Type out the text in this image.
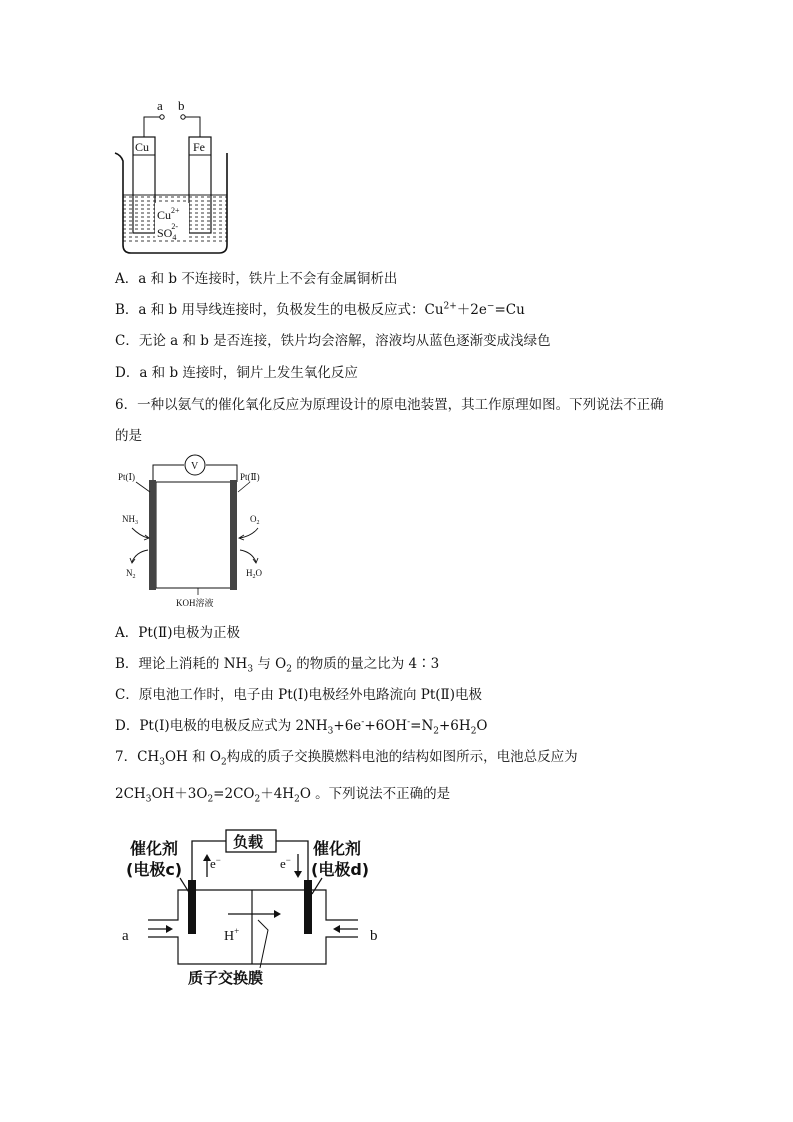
a b
Cu	Fe
$Cu^{2+}$
$SO_42-$
A．a 和 b 不连接时，铁片上不会有金属铜析出
B．a 和 b 用导线连接时，负极发生的电极反应式：$Cu^{2+}+2e^-=Cu$
C．无论 a 和 b 是否连接，铁片均会溶解，溶液均从蓝色逐渐变成浅绿色
D．a 和 b 连接时，铜片上发生氧化反应
6．一种以氨气的催化氧化反应为原理设计的原电池装置，其工作原理如图。下列说法不正确
的是
V
Pt(Ⅰ)	Pt(Ⅱ)
$NH_3$
$N_2$
$O_2$
$H_2O$
KOH溶液
A．Pt(Ⅱ)电极为正极
B．理论上消耗的 $NH_3$ 与 $O_2$ 的物质的量之比为 4∶3
C．原电池工作时，电子由 Pt(Ⅰ)电极经外电路流向 Pt(Ⅱ)电极
D．Pt(Ⅰ)电极的电极反应式为 $2NH_3+6e^-+6OH^-=N_2+6H_2O$
7．$CH_3OH$ 和 $O_2$构成的质子交换膜燃料电池的结构如图所示，电池总反应为
$2CH_3OH+3O_2=2CO_2+4H_2O$ 。下列说法不正确的是
负载
e−	e−
催化剂
(电极c)
催化剂
(电极d)
H+
a	b
质子交换膜
